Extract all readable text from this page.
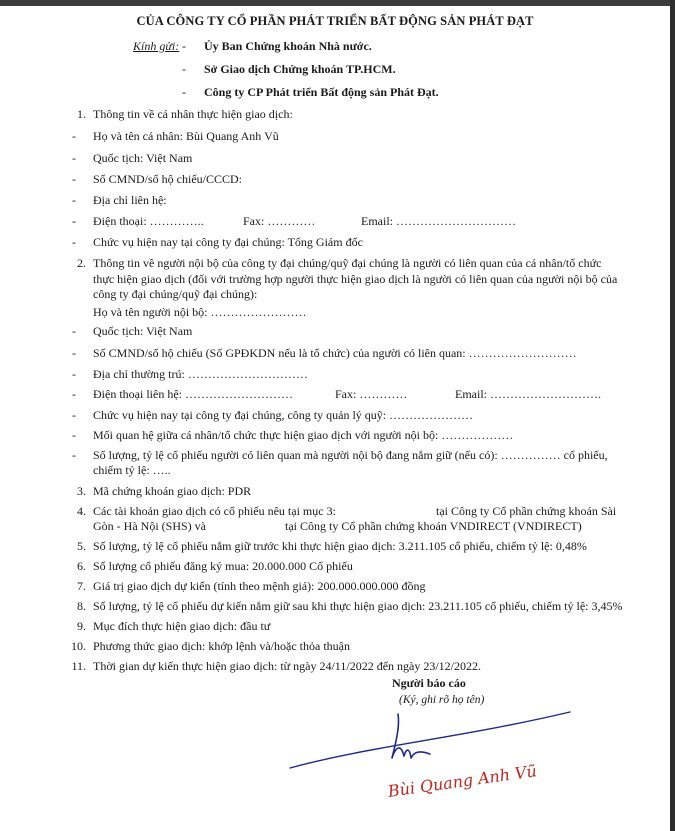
CỦA CÔNG TY CỔ PHẦN PHÁT TRIỂN BẤT ĐỘNG SẢN PHÁT ĐẠT
Kính gửi: - Ủy Ban Chứng khoán Nhà nước.
- Sở Giao dịch Chứng khoán TP.HCM.
- Công ty CP Phát triển Bất động sản Phát Đạt.
1. Thông tin về cá nhân thực hiện giao dịch:
- Họ và tên cá nhân: Bùi Quang Anh Vũ
- Quốc tịch: Việt Nam
- Số CMND/số hộ chiếu/CCCD:
- Địa chỉ liên hệ:
- Điện thoại: …………..	Fax: …………	Email: …………………………
- Chức vụ hiện nay tại công ty đại chúng: Tổng Giám đốc
2. Thông tin về người nội bộ của công ty đại chúng/quỹ đại chúng là người có liên quan của cá nhân/tổ chức
thực hiện giao dịch (đối với trường hợp người thực hiện giao dịch là người có liên quan của người nội bộ của
công ty đại chúng/quỹ đại chúng):
Họ và tên người nội bộ: ……………………
- Quốc tịch: Việt Nam
- Số CMND/số hộ chiếu (Số GPĐKDN nếu là tổ chức) của người có liên quan: ………………………
- Địa chỉ thường trú: …………………………
- Điện thoại liên hệ: ………………………	Fax: …………	Email: ……………………….
- Chức vụ hiện nay tại công ty đại chúng, công ty quản lý quỹ: …………………
- Mối quan hệ giữa cá nhân/tổ chức thực hiện giao dịch với người nội bộ: ………………
- Số lượng, tỷ lệ cổ phiếu người có liên quan mà người nội bộ đang nắm giữ (nếu có): …………… cổ phiếu,
chiếm tỷ lệ: …..
3. Mã chứng khoán giao dịch: PDR
4. Các tài khoản giao dịch có cổ phiếu nêu tại mục 3:	tại Công ty Cổ phần chứng khoán Sài
Gòn - Hà Nội (SHS) và	tại Công ty Cổ phần chứng khoán VNDIRECT (VNDIRECT)
5. Số lượng, tỷ lệ cổ phiếu nắm giữ trước khi thực hiện giao dịch: 3.211.105 cổ phiếu, chiếm tỷ lệ: 0,48%
6. Số lượng cổ phiếu đăng ký mua: 20.000.000 Cổ phiếu
7. Giá trị giao dịch dự kiến (tính theo mệnh giá): 200.000.000.000 đồng
8. Số lượng, tỷ lệ cổ phiếu dự kiến nắm giữ sau khi thực hiện giao dịch: 23.211.105 cổ phiếu, chiếm tỷ lệ: 3,45%
9. Mục đích thực hiện giao dịch: đầu tư
10. Phương thức giao dịch: khớp lệnh và/hoặc thỏa thuận
11. Thời gian dự kiến thực hiện giao dịch: từ ngày 24/11/2022 đến ngày 23/12/2022.
Người báo cáo
(Ký, ghi rõ họ tên)
Bùi Quang Anh Vũ
